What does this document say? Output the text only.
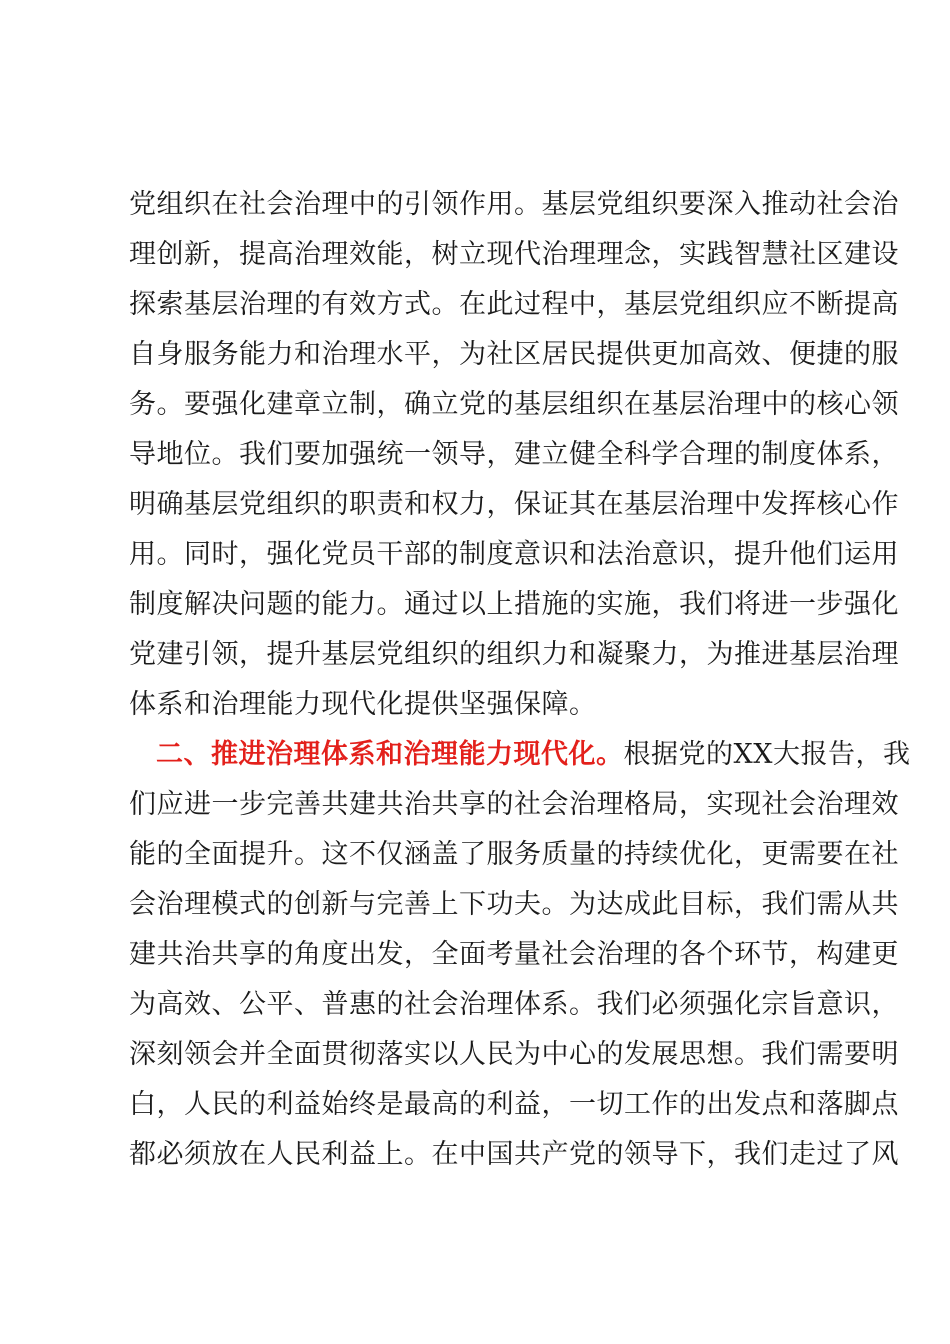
党组织在社会治理中的引领作用。基层党组织要深入推动社会治
理创新，提高治理效能，树立现代治理理念，实践智慧社区建设
探索基层治理的有效方式。在此过程中，基层党组织应不断提高
自身服务能力和治理水平，为社区居民提供更加高效、便捷的服
务。要强化建章立制，确立党的基层组织在基层治理中的核心领
导地位。我们要加强统一领导，建立健全科学合理的制度体系，
明确基层党组织的职责和权力，保证其在基层治理中发挥核心作
用。同时，强化党员干部的制度意识和法治意识，提升他们运用
制度解决问题的能力。通过以上措施的实施，我们将进一步强化
党建引领，提升基层党组织的组织力和凝聚力，为推进基层治理
体系和治理能力现代化提供坚强保障。
二、推进治理体系和治理能力现代化。根据党的XX大报告，我
们应进一步完善共建共治共享的社会治理格局，实现社会治理效
能的全面提升。这不仅涵盖了服务质量的持续优化，更需要在社
会治理模式的创新与完善上下功夫。为达成此目标，我们需从共
建共治共享的角度出发，全面考量社会治理的各个环节，构建更
为高效、公平、普惠的社会治理体系。我们必须强化宗旨意识，
深刻领会并全面贯彻落实以人民为中心的发展思想。我们需要明
白，人民的利益始终是最高的利益，一切工作的出发点和落脚点
都必须放在人民利益上。在中国共产党的领导下，我们走过了风
